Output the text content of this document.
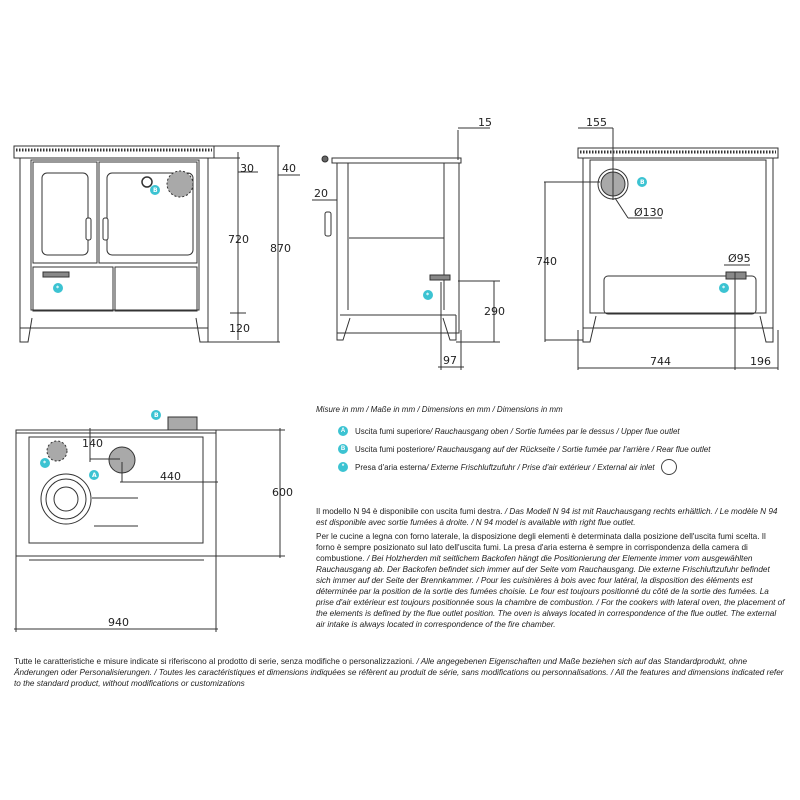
30	40
720
870
120
15
20
290
97
155
Ø130
740	Ø95
744	196
140
440
600
940
B
*
*
B
*
B
*
A
Misure in mm / Maße in mm / Dimensions en mm / Dimensions in mm
A	Uscita fumi superiore / Rauchausgang oben / Sortie fumées par le dessus / Upper flue outlet
B	Uscita fumi posteriore / Rauchausgang auf der Rückseite / Sortie fumée par l'arrière / Rear flue outlet
*	Presa d'aria esterna / Externe Frischluftzufuhr / Prise d'air extérieur / External air inlet
Il modello N 94 è disponibile con uscita fumi destra. / Das Modell N 94 ist mit Rauchausgang rechts erhältlich. / Le modèle N 94 est disponible avec sortie fumées à droite. / N 94 model is available with right flue outlet.
Per le cucine a legna con forno laterale, la disposizione degli elementi è determinata dalla posizione dell'uscita fumi scelta. Il forno è sempre posizionato sul lato dell'uscita fumi. La presa d'aria esterna è sempre in corrispondenza della camera di combustione. / Bei Holzherden mit seitlichem Backofen hängt die Positionierung der Elemente immer vom ausgewählten Rauchausgang ab. Der Backofen befindet sich immer auf der Seite vom Rauchausgang. Die externe Frischluftzufuhr befindet sich immer auf der Seite der Brennkammer. / Pour les cuisinières à bois avec four latéral, la disposition des éléments est déterminée par la position de la sortie des fumées choisie. Le four est toujours positionné du côté de la sortie des fumées. La prise d'air extérieur est toujours positionnée sous la chambre de combustion. / For the cookers with lateral oven, the placement of the elements is defined by the flue outlet position. The oven is always located in correspondence of the flue outlet. The external air intake is always located in correspondence of the fire chamber.
Tutte le caratteristiche e misure indicate si riferiscono al prodotto di serie, senza modifiche o personalizzazioni. / Alle angegebenen Eigenschaften und Maße beziehen sich auf das Standardprodukt, ohne Änderungen oder Personalisierungen. / Toutes les caractéristiques et dimensions indiquées se réfèrent au produit de série, sans modifications ou personnalisations. / All the features and dimensions indicated refer to the standard product, without modifications or customizations
